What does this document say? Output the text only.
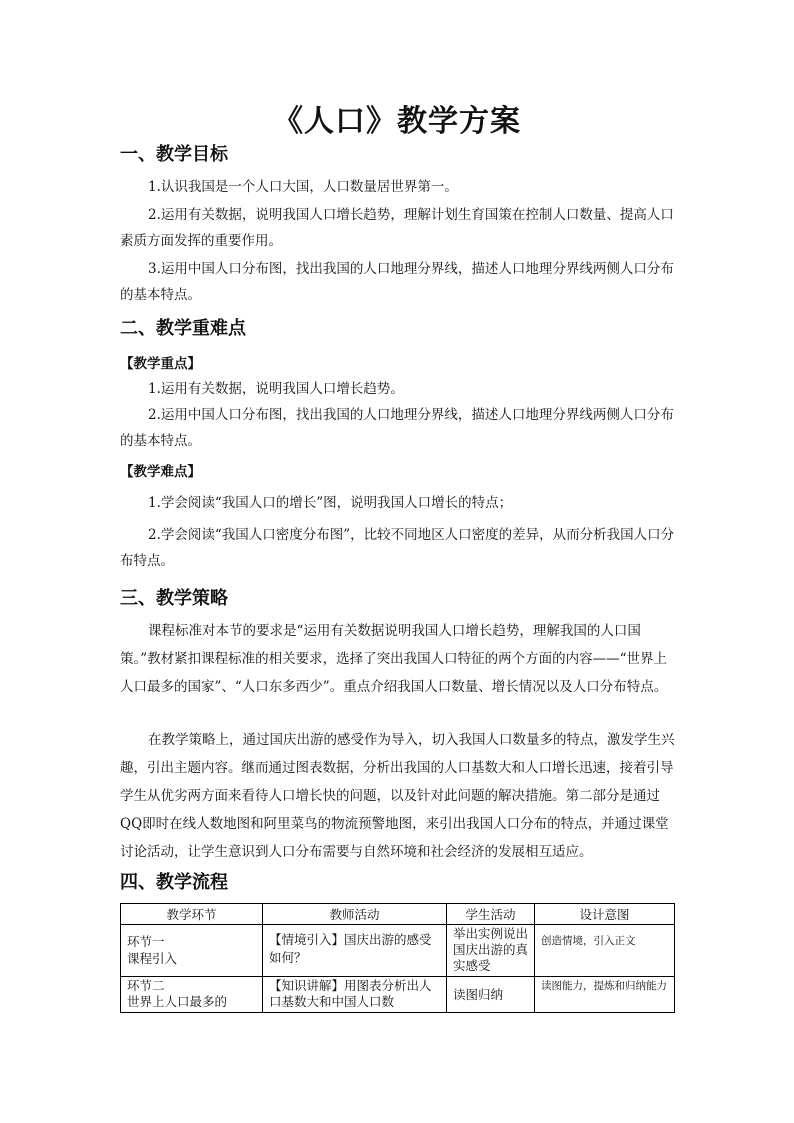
《人口》教学方案
一、教学目标
1.认识我国是一个人口大国，人口数量居世界第一。
2.运用有关数据，说明我国人口增长趋势，理解计划生育国策在控制人口数量、提高人口素质方面发挥的重要作用。
3.运用中国人口分布图，找出我国的人口地理分界线，描述人口地理分界线两侧人口分布的基本特点。
二、教学重难点
【教学重点】
1.运用有关数据，说明我国人口增长趋势。
2.运用中国人口分布图，找出我国的人口地理分界线，描述人口地理分界线两侧人口分布的基本特点。
【教学难点】
1.学会阅读“我国人口的增长”图，说明我国人口增长的特点；
2.学会阅读“我国人口密度分布图”，比较不同地区人口密度的差异，从而分析我国人口分布特点。
三、教学策略
课程标准对本节的要求是“运用有关数据说明我国人口增长趋势，理解我国的人口国策。”教材紧扣课程标准的相关要求，选择了突出我国人口特征的两个方面的内容——“世界上人口最多的国家”、“人口东多西少”。重点介绍我国人口数量、增长情况以及人口分布特点。
在教学策略上，通过国庆出游的感受作为导入，切入我国人口数量多的特点，激发学生兴趣，引出主题内容。继而通过图表数据，分析出我国的人口基数大和人口增长迅速，接着引导学生从优劣两方面来看待人口增长快的问题，以及针对此问题的解决措施。第二部分是通过QQ即时在线人数地图和阿里菜鸟的物流预警地图，来引出我国人口分布的特点，并通过课堂讨论活动，让学生意识到人口分布需要与自然环境和社会经济的发展相互适应。
四、教学流程
教学环节	教师活动	学生活动	设计意图
环节一
课程引入	【情境引入】国庆出游的感受如何？	举出实例说出国庆出游的真实感受	创造情境，引入正文
环节二
世界上人口最多的	【知识讲解】用图表分析出人口基数大和中国人口数	读图归纳	读图能力，提炼和归纳能力
